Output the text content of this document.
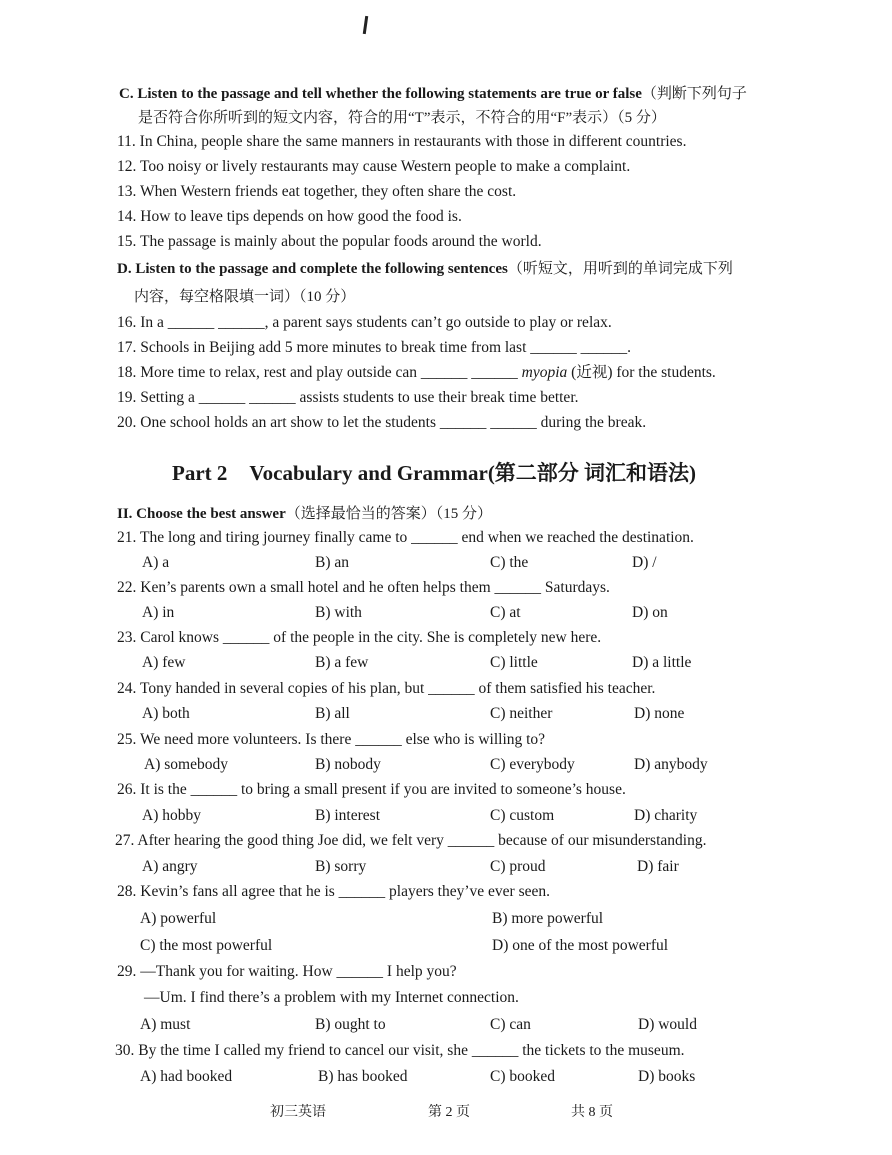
C. Listen to the passage and tell whether the following statements are true or false（判断下列句子
是否符合你所听到的短文内容，符合的用“T”表示，不符合的用“F”表示）（5 分）
11. In China, people share the same manners in restaurants with those in different countries.
12. Too noisy or lively restaurants may cause Western people to make a complaint.
13. When Western friends eat together, they often share the cost.
14. How to leave tips depends on how good the food is.
15. The passage is mainly about the popular foods around the world.
D. Listen to the passage and complete the following sentences（听短文，用听到的单词完成下列
内容，每空格限填一词）（10 分）
16. In a ______ ______, a parent says students can’t go outside to play or relax.
17. Schools in Beijing add 5 more minutes to break time from last ______ ______.
18. More time to relax, rest and play outside can ______ ______ myopia (近视) for the students.
19. Setting a ______ ______ assists students to use their break time better.
20. One school holds an art show to let the students ______ ______ during the break.
Part 2 Vocabulary and Grammar(第二部分 词汇和语法)
II. Choose the best answer（选择最恰当的答案）（15 分）
21. The long and tiring journey finally came to ______ end when we reached the destination.
A) a	B) an	C) the	D) /
22. Ken’s parents own a small hotel and he often helps them ______ Saturdays.
A) in	B) with	C) at	D) on
23. Carol knows ______ of the people in the city. She is completely new here.
A) few	B) a few	C) little	D) a little
24. Tony handed in several copies of his plan, but ______ of them satisfied his teacher.
A) both	B) all	C) neither	D) none
25. We need more volunteers. Is there ______ else who is willing to?
A) somebody	B) nobody	C) everybody	D) anybody
26. It is the ______ to bring a small present if you are invited to someone’s house.
A) hobby	B) interest	C) custom	D) charity
27. After hearing the good thing Joe did, we felt very ______ because of our misunderstanding.
A) angry	B) sorry	C) proud	D) fair
28. Kevin’s fans all agree that he is ______ players they’ve ever seen.
A) powerful	B) more powerful
C) the most powerful	D) one of the most powerful
29. —Thank you for waiting. How ______ I help you?
—Um. I find there’s a problem with my Internet connection.
A) must	B) ought to	C) can	D) would
30. By the time I called my friend to cancel our visit, she ______ the tickets to the museum.
A) had booked	B) has booked	C) booked	D) books
初三英语	第 2 页	共 8 页
